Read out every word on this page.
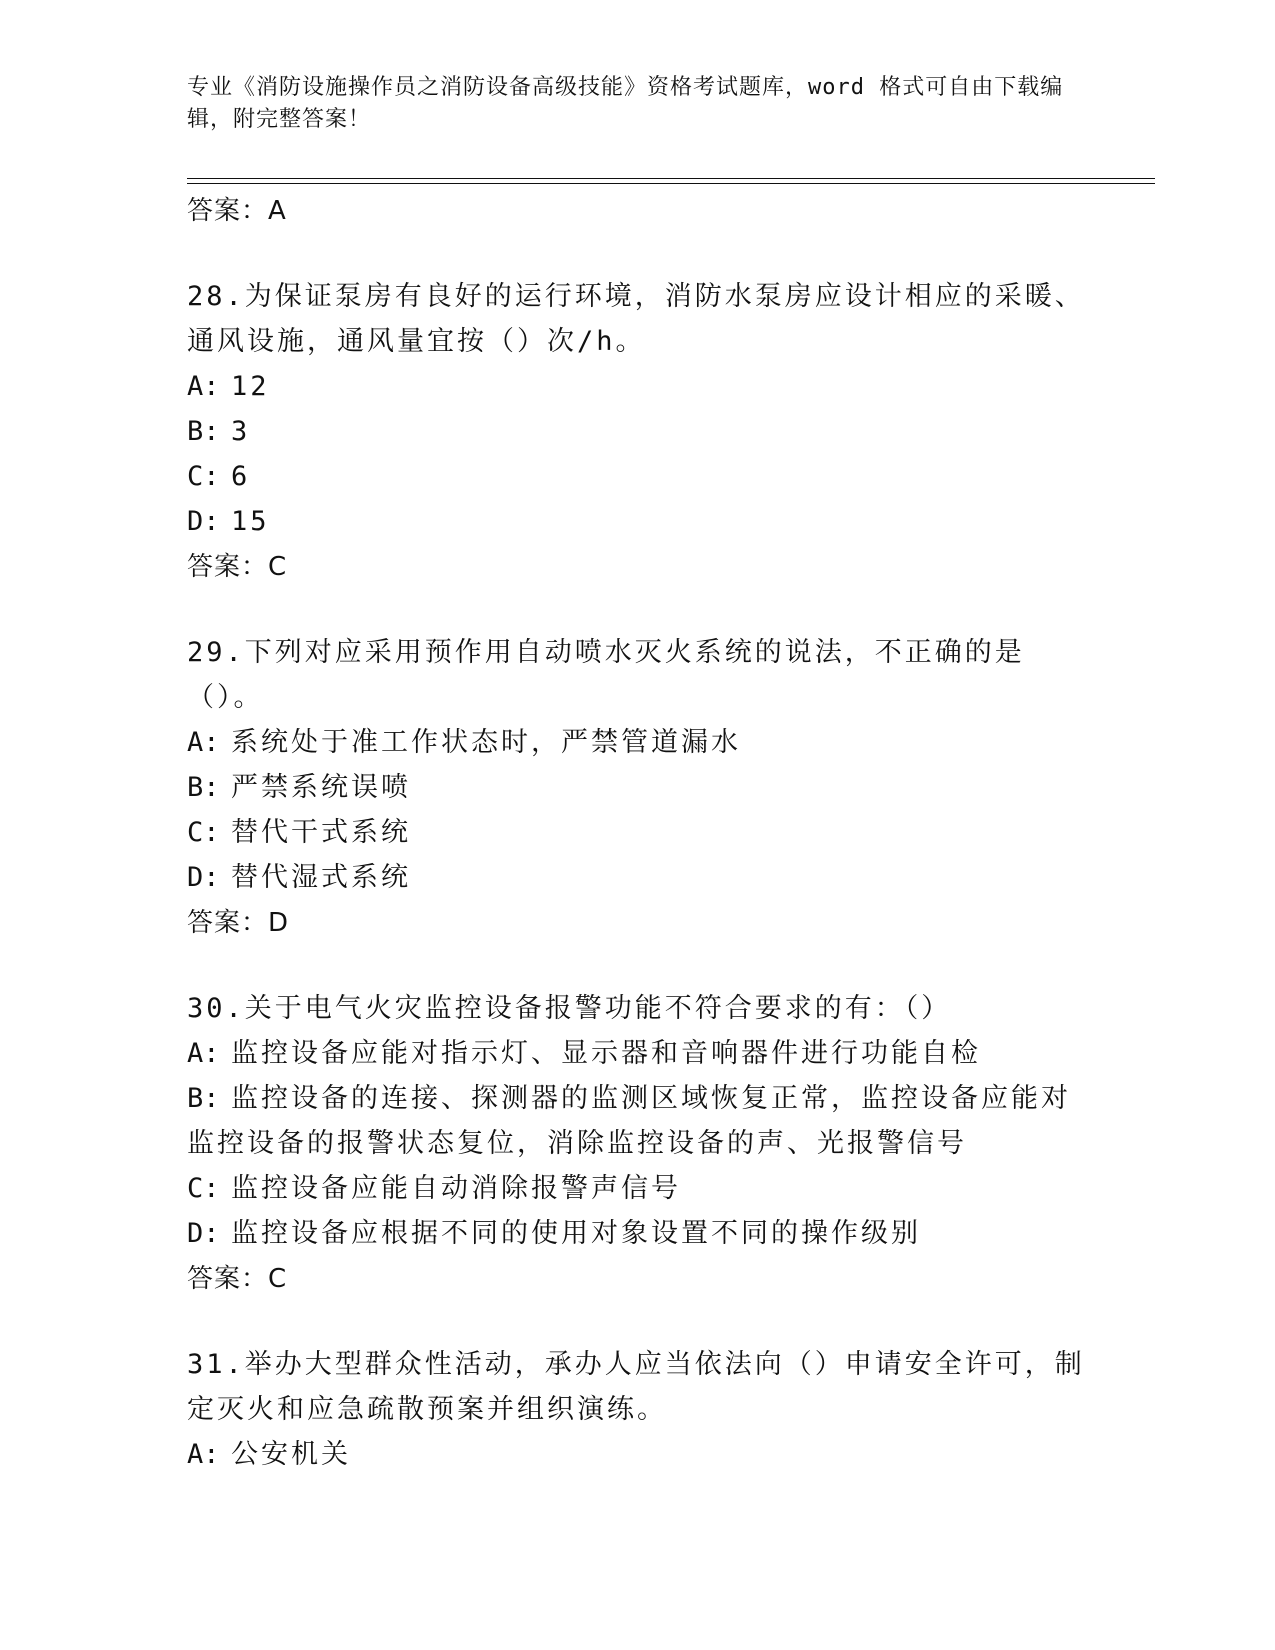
专业《消防设施操作员之消防设备高级技能》资格考试题库，word 格式可自由下载编辑，附完整答案！
答案：A
28.为保证泵房有良好的运行环境，消防水泵房应设计相应的采暖、通风设施，通风量宜按（）次/h。
A: 12
B: 3
C: 6
D: 15
答案：C
29.下列对应采用预作用自动喷水灭火系统的说法，不正确的是（）。
A: 系统处于准工作状态时，严禁管道漏水
B: 严禁系统误喷
C: 替代干式系统
D: 替代湿式系统
答案：D
30.关于电气火灾监控设备报警功能不符合要求的有：（）
A: 监控设备应能对指示灯、显示器和音响器件进行功能自检
B: 监控设备的连接、探测器的监测区域恢复正常，监控设备应能对监控设备的报警状态复位，消除监控设备的声、光报警信号
C: 监控设备应能自动消除报警声信号
D: 监控设备应根据不同的使用对象设置不同的操作级别
答案：C
31.举办大型群众性活动，承办人应当依法向（）申请安全许可，制定灭火和应急疏散预案并组织演练。
A: 公安机关
